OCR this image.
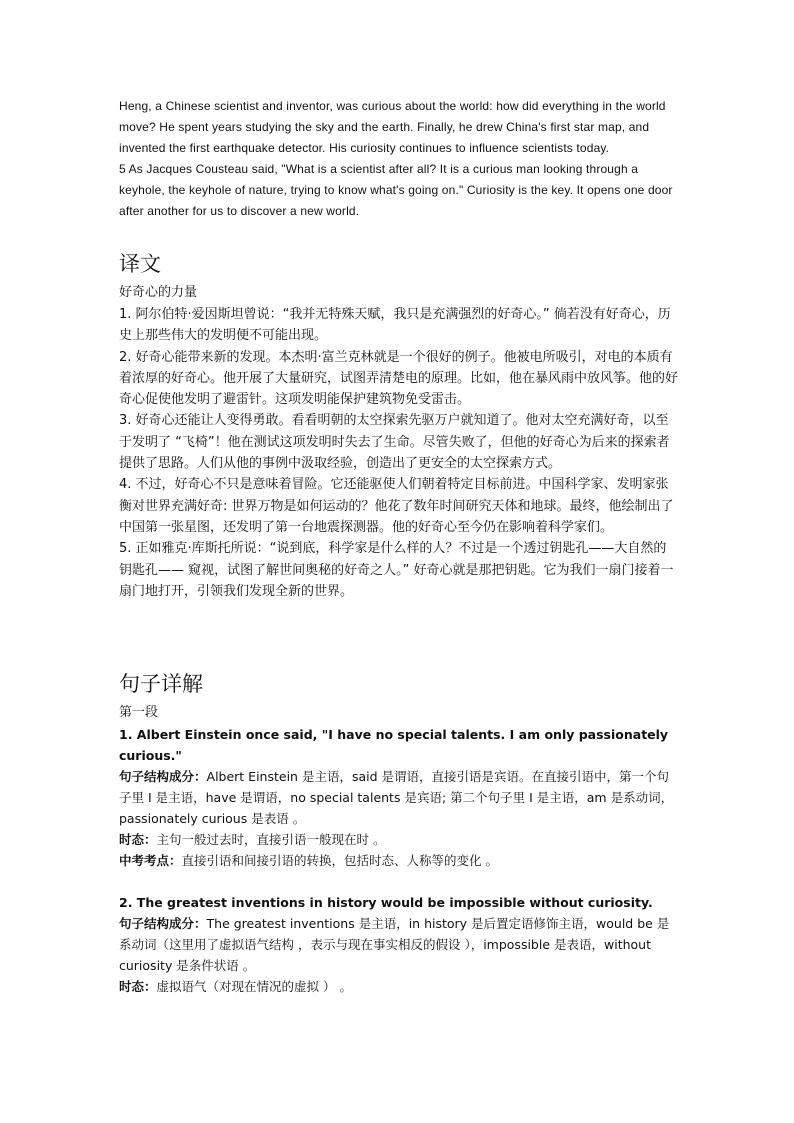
Heng, a Chinese scientist and inventor, was curious about the world: how did everything in the world move? He spent years studying the sky and the earth. Finally, he drew China's first star map, and invented the first earthquake detector. His curiosity continues to influence scientists today.

5 As Jacques Cousteau said, "What is a scientist after all? It is a curious man looking through a keyhole, the keyhole of nature, trying to know what's going on." Curiosity is the key. It opens one door after another for us to discover a new world.

译文
好奇心的力量

1. 阿尔伯特·爱因斯坦曾说：“我并无特殊天赋，我只是充满强烈的好奇心。” 倘若没有好奇心，历史上那些伟大的发明便不可能出现。

2. 好奇心能带来新的发现。本杰明·富兰克林就是一个很好的例子。他被电所吸引，对电的本质有着浓厚的好奇心。他开展了大量研究，试图弄清楚电的原理。比如，他在暴风雨中放风筝。他的好奇心促使他发明了避雷针。这项发明能保护建筑物免受雷击。

3. 好奇心还能让人变得勇敢。看看明朝的太空探索先驱万户就知道了。他对太空充满好奇，以至于发明了 “飞椅”！他在测试这项发明时失去了生命。尽管失败了，但他的好奇心为后来的探索者提供了思路。人们从他的事例中汲取经验，创造出了更安全的太空探索方式。

4. 不过，好奇心不只是意味着冒险。它还能驱使人们朝着特定目标前进。中国科学家、发明家张衡对世界充满好奇: 世界万物是如何运动的？他花了数年时间研究天体和地球。最终，他绘制出了中国第一张星图，还发明了第一台地震探测器。他的好奇心至今仍在影响着科学家们。

5. 正如雅克·库斯托所说：“说到底，科学家是什么样的人？不过是一个透过钥匙孔——大自然的钥匙孔—— 窥视，试图了解世间奥秘的好奇之人。” 好奇心就是那把钥匙。它为我们一扇门接着一扇门地打开，引领我们发现全新的世界。

句子详解
第一段

1. Albert Einstein once said, "I have no special talents. I am only passionately curious."

句子结构成分：Albert Einstein 是主语，said 是谓语，直接引语是宾语。在直接引语中，第一个句子里 I 是主语，have 是谓语，no special talents 是宾语; 第二个句子里 I 是主语，am 是系动词，passionately curious 是表语 。

时态：主句一般过去时，直接引语一般现在时 。

中考考点：直接引语和间接引语的转换，包括时态、人称等的变化 。

2. The greatest inventions in history would be impossible without curiosity.

句子结构成分：The greatest inventions 是主语，in history 是后置定语修饰主语，would be 是系动词（这里用了虚拟语气结构 ，表示与现在事实相反的假设 ），impossible 是表语，without curiosity 是条件状语 。

时态：虚拟语气（对现在情况的虚拟 ） 。
